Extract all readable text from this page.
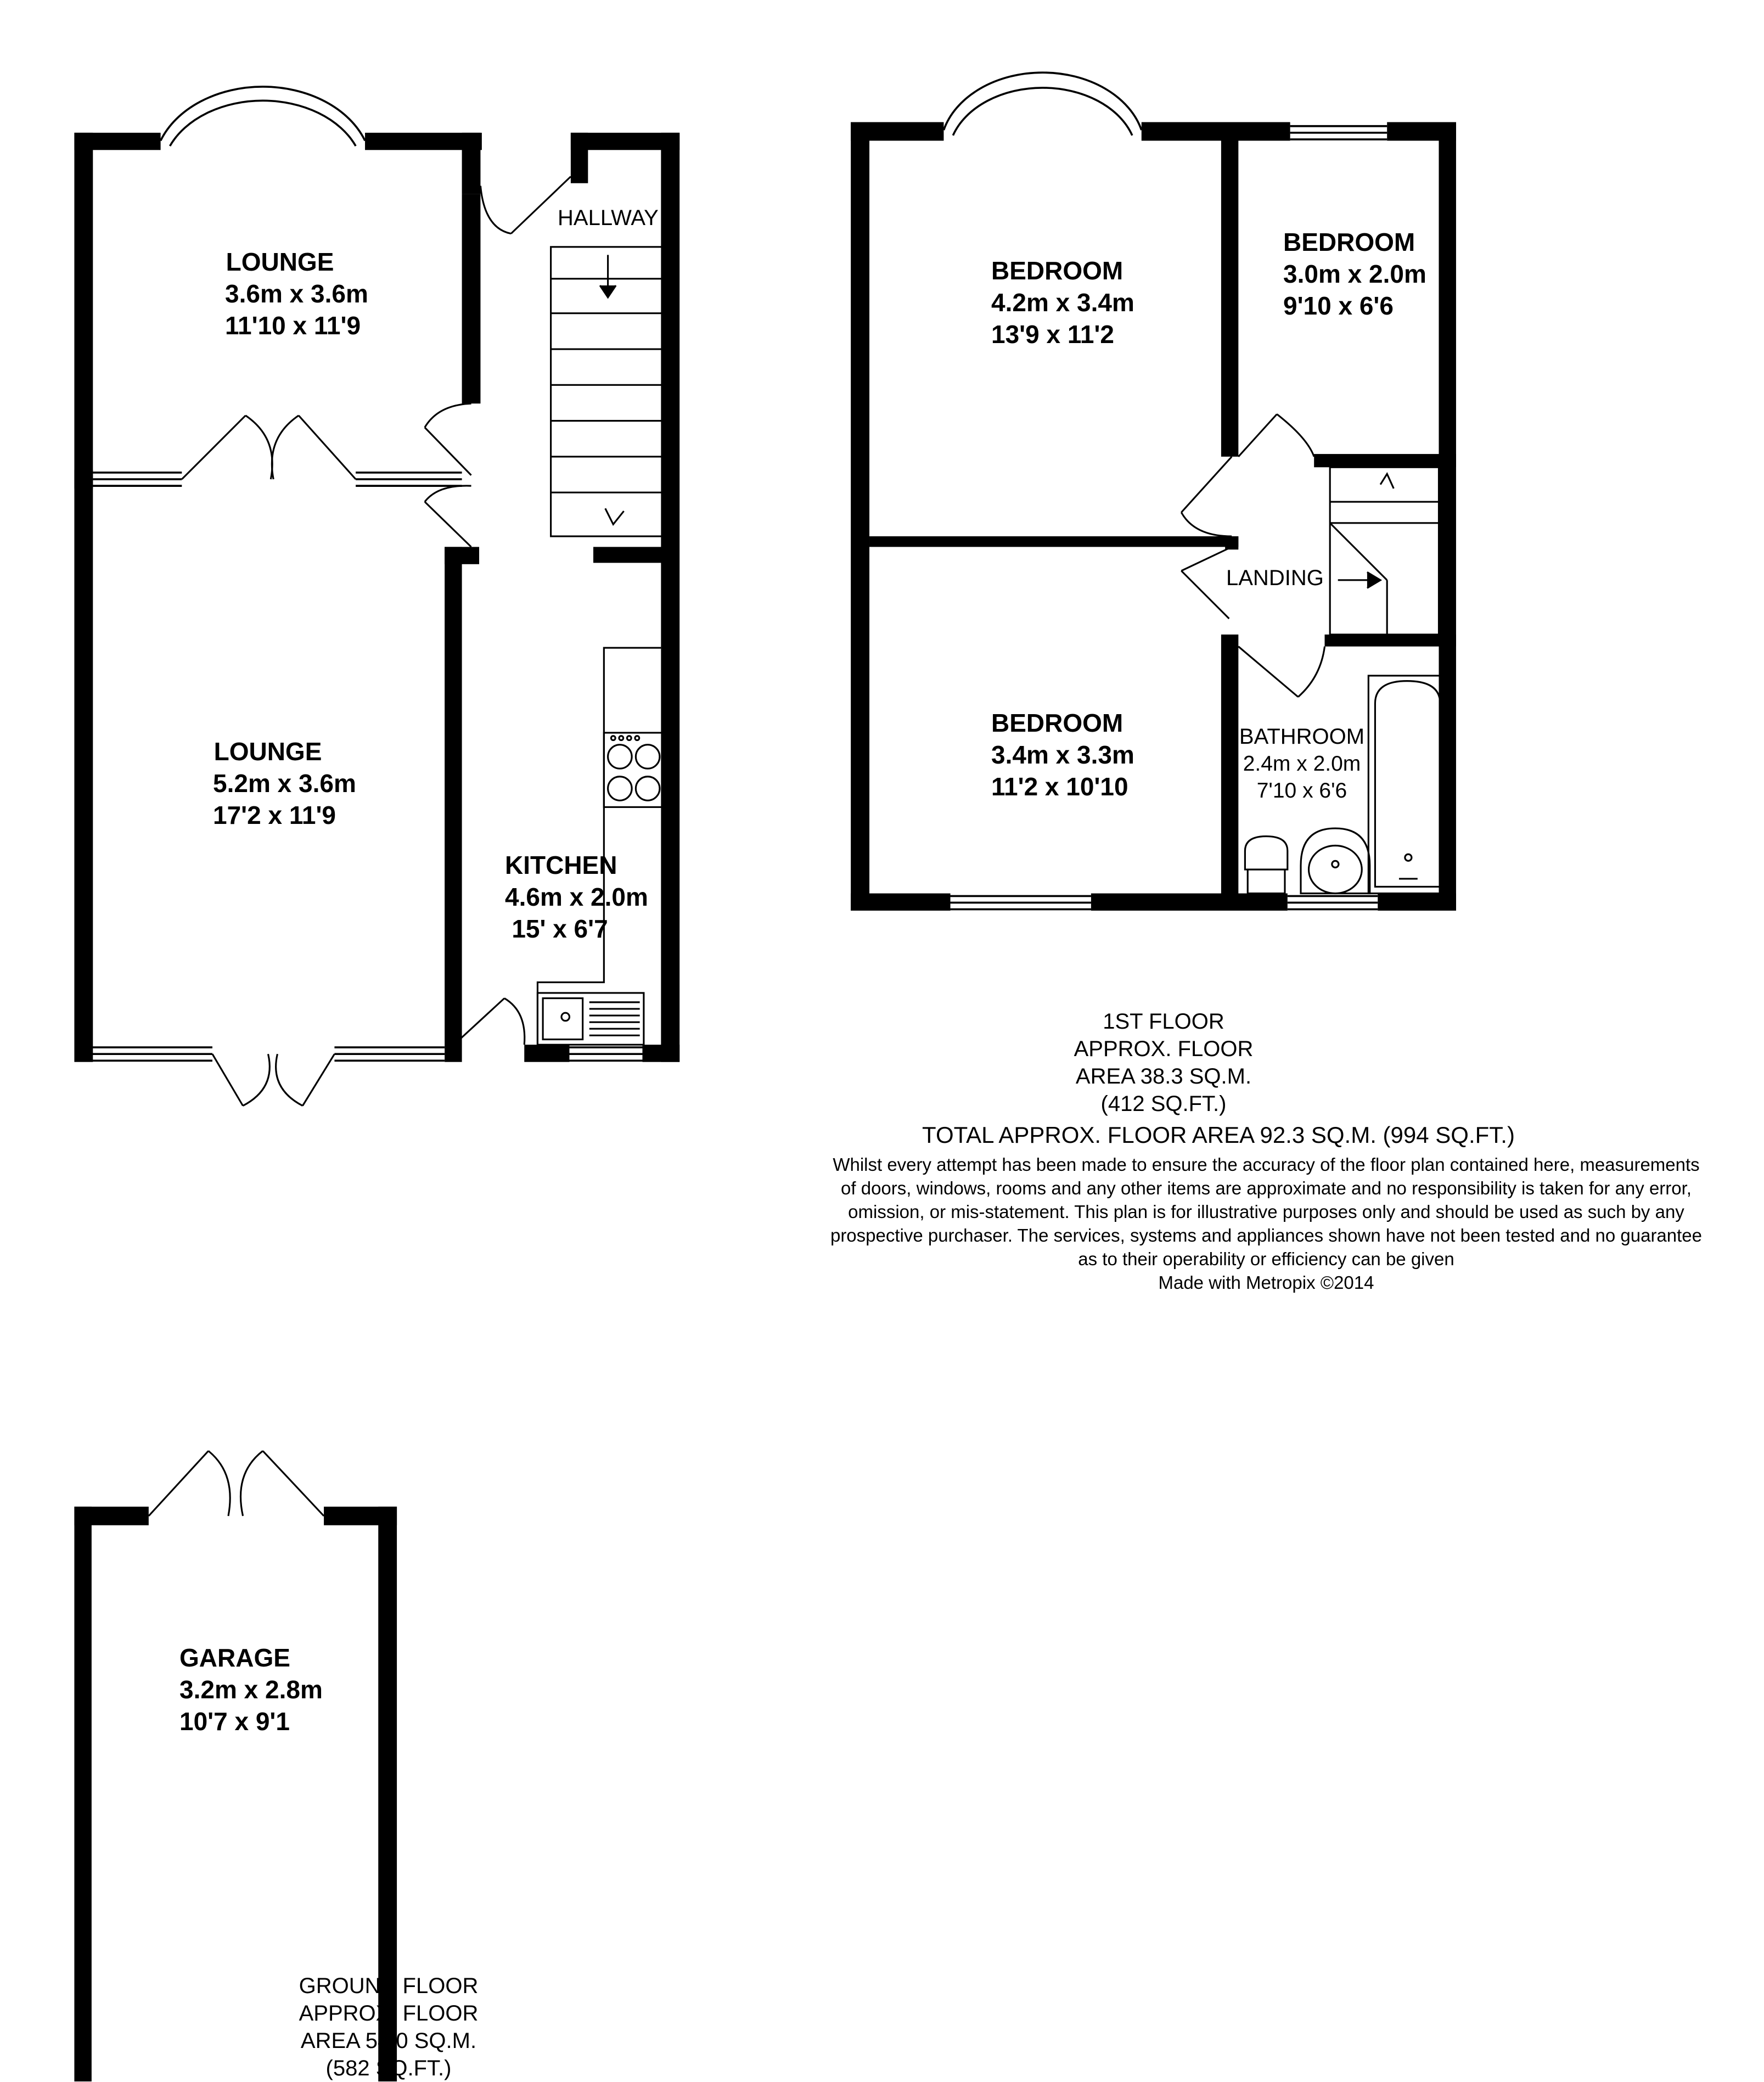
LOUNGE
3.6m x 3.6m
11'10 x 11'9
LOUNGE
5.2m x 3.6m
17'2 x 11'9
KITCHEN
4.6m x 2.0m
15' x 6'7
GARAGE
3.2m x 2.8m
10'7 x 9'1
HALLWAY
BEDROOM
4.2m x 3.4m
13'9 x 11'2
BEDROOM
3.0m x 2.0m
9'10 x 6'6
BEDROOM
3.4m x 3.3m
11'2 x 10'10
BATHROOM
2.4m x 2.0m
7'10 x 6'6
LANDING
1ST FLOOR
APPROX. FLOOR
AREA 38.3 SQ.M.
(412 SQ.FT.)
TOTAL APPROX. FLOOR AREA 92.3 SQ.M. (994 SQ.FT.)
Whilst every attempt has been made to ensure the accuracy of the floor plan contained here, measurements
of doors, windows, rooms and any other items are approximate and no responsibility is taken for any error,
omission, or mis-statement. This plan is for illustrative purposes only and should be used as such by any
prospective purchaser. The services, systems and appliances shown have not been tested and no guarantee
as to their operability or efficiency can be given
Made with Metropix ©2014
GROUND FLOOR
APPROX. FLOOR
AREA 54.0 SQ.M.
(582 SQ.FT.)
